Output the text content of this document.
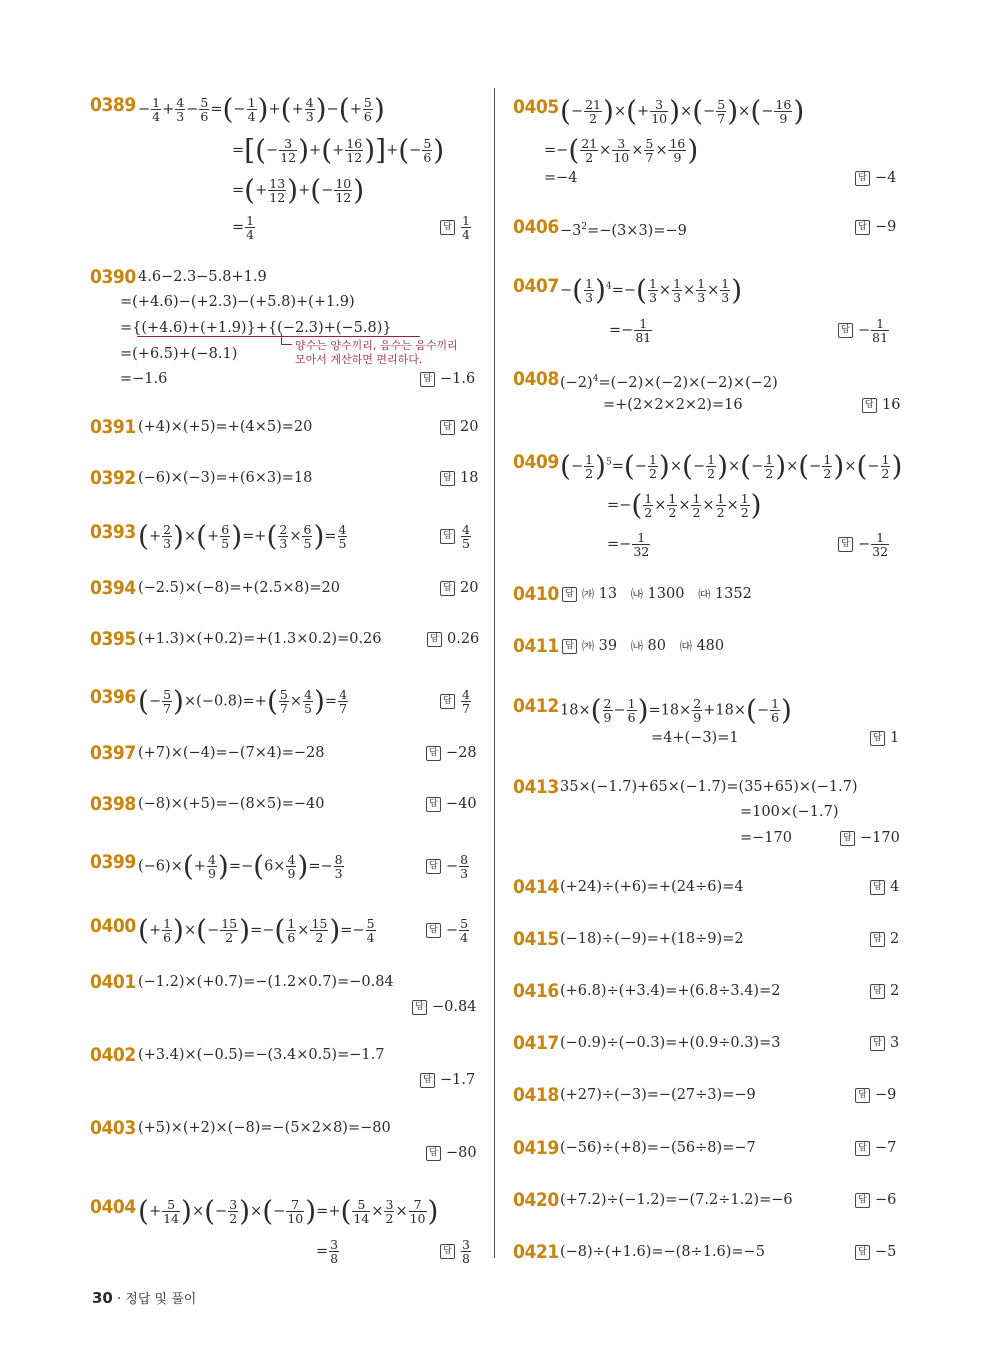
$0389 - \frac{1}{4} + \frac{4}{3} - \frac{5}{6}$ =(− $\frac{1}{4}$ )+(+ $\frac{4}{3}$ )−(+ $\frac{5}{6}$ )
=[(− $\frac{3}{12}$ )+(+ $\frac{16}{12}$ )]+(− $\frac{5}{6}$ )
=(+ $\frac{13}{12}$ )+(− $\frac{10}{12}$ )
= $\frac{1}{4}$	답 $\frac{1}{4}$
0390 4.6−2.3−5.8+1.9
=(+4.6)−(+2.3)−(+5.8)+(+1.9)
={(+4.6)+(+1.9)}+{(−2.3)+(−5.8)}
양수는 양수끼리, 음수는 음수끼리
모아서 계산하면 편리하다.
=(+6.5)+(−8.1)
=−1.6	답 −1.6
0391 (+4)×(+5)=+(4×5)=20	답 20
0392 (−6)×(−3)=+(6×3)=18	답 18
0393 (+ $\frac{2}{3}$ )×(+ $\frac{6}{5}$ )=+( $\frac{2}{3} \times \frac{6}{5}$ )= $\frac{4}{5}$	답 $\frac{4}{5}$
0394 (−2.5)×(−8)=+(2.5×8)=20	답 20
0395 (+1.3)×(+0.2)=+(1.3×0.2)=0.26	답 0.26
0396 (− $\frac{5}{7} )\times(-0.8)=+( \frac{5}{7} \times \frac{4}{5}$ )= $\frac{4}{7}$	답 $\frac{4}{7}$
0397 (+7)×(−4)=−(7×4)=−28	답 −28
0398 (−8)×(+5)=−(8×5)=−40	답 −40
0399 $(-6)\times(+ \frac{4}{9} )=-(6\times \frac{4}{9}$ )=− $\frac{8}{3}$	답 − $\frac{8}{3}$
0400 (+ $\frac{1}{6}$ )×(− $\frac{15}{2}$ )=−( $\frac{1}{6} \times \frac{15}{2}$ )=− $\frac{5}{4}$	답 − $\frac{5}{4}$
0401 (−1.2)×(+0.7)=−(1.2×0.7)=−0.84
답 −0.84
0402 (+3.4)×(−0.5)=−(3.4×0.5)=−1.7
답 −1.7
0403 (+5)×(+2)×(−8)=−(5×2×8)=−80
답 −80
0404 (+ $\frac{5}{14}$ )×(− $\frac{3}{2}$ )×(− $\frac{7}{10}$ )=+( $\frac{5}{14} \times \frac{3}{2} \times \frac{7}{10}$ )
= $\frac{3}{8}$	답 $\frac{3}{8}$
0405 (− $\frac{21}{2}$ )×(+ $\frac{3}{10}$ )×(− $\frac{5}{7}$ )×(− $\frac{16}{9}$ )
=−( $\frac{21}{2} \times \frac{3}{10} \times \frac{5}{7} \times \frac{16}{9}$ )
=−4	답 −4
$0406 -3^2=-(3\times 3)=-9$	답 −9
0407 −( $\frac{1}{3} )^4=-( \frac{1}{3} \times \frac{1}{3} \times \frac{1}{3} \times \frac{1}{3}$ )
=− $\frac{1}{81}$	답 − $\frac{1}{81}$
0408 $(-2)^4=(-2)\times(-2)\times(-2)\times(-2)$
=+(2×2×2×2)=16	답 16
0409 (− $\frac{1}{2} )^5=(- \frac{1}{2}$ )×(− $\frac{1}{2}$ )×(− $\frac{1}{2}$ )×(− $\frac{1}{2}$ )×(− $\frac{1}{2}$ )
=−( $\frac{1}{2} \times \frac{1}{2} \times \frac{1}{2} \times \frac{1}{2} \times \frac{1}{2}$ )
=− $\frac{1}{32}$	답 − $\frac{1}{32}$
0410 답 ㈎ 13 ㈏ 1300 ㈐ 1352
0411 답 ㈎ 39 ㈏ 80 ㈐ 480
0412 $18\times( \frac{2}{9} - \frac{1}{6} )=18\times \frac{2}{9} +18\times(- \frac{1}{6}$ )
=4+(−3)=1	답 1
0413 35×(−1.7)+65×(−1.7)=(35+65)×(−1.7)
=100×(−1.7)
=−170	답 −170
0414 (+24)÷(+6)=+(24÷6)=4	답 4
0415 (−18)÷(−9)=+(18÷9)=2	답 2
0416 (+6.8)÷(+3.4)=+(6.8÷3.4)=2	답 2
0417 (−0.9)÷(−0.3)=+(0.9÷0.3)=3	답 3
0418 (+27)÷(−3)=−(27÷3)=−9	답 −9
0419 (−56)÷(+8)=−(56÷8)=−7	답 −7
0420 (+7.2)÷(−1.2)=−(7.2÷1.2)=−6	답 −6
0421 (−8)÷(+1.6)=−(8÷1.6)=−5	답 −5
30 · 정답 및 풀이
